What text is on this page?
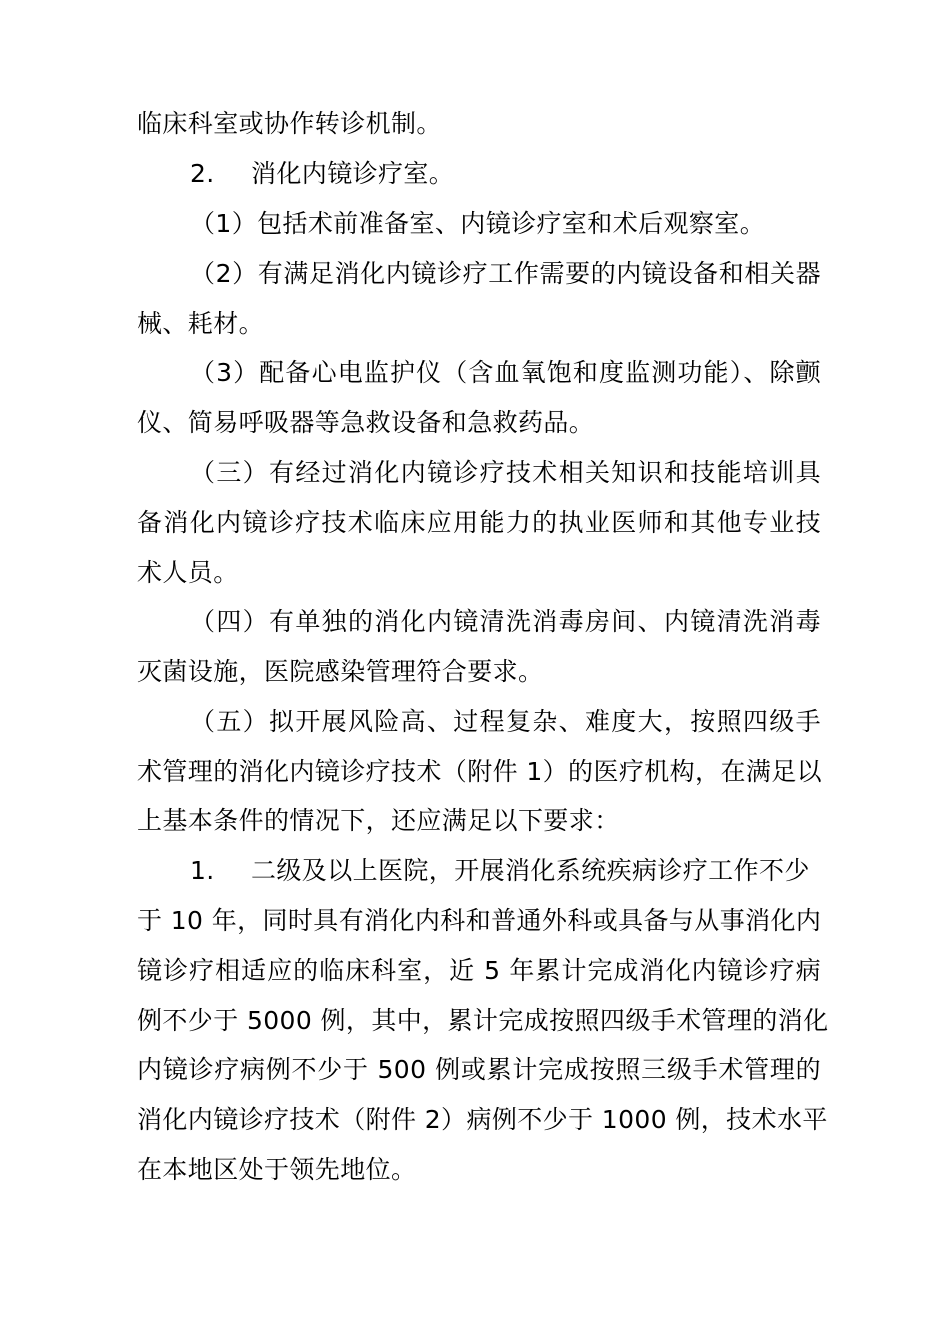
临床科室或协作转诊机制。
2. 消化内镜诊疗室。
（1）包括术前准备室、内镜诊疗室和术后观察室。
（2）有满足消化内镜诊疗工作需要的内镜设备和相关器
械、耗材。
（3）配备心电监护仪（含血氧饱和度监测功能）、除颤
仪、简易呼吸器等急救设备和急救药品。
（三）有经过消化内镜诊疗技术相关知识和技能培训具
备消化内镜诊疗技术临床应用能力的执业医师和其他专业技
术人员。
（四）有单独的消化内镜清洗消毒房间、内镜清洗消毒
灭菌设施，医院感染管理符合要求。
（五）拟开展风险高、过程复杂、难度大，按照四级手
术管理的消化内镜诊疗技术（附件 1）的医疗机构，在满足以
上基本条件的情况下，还应满足以下要求：
1. 二级及以上医院，开展消化系统疾病诊疗工作不少
于 10 年，同时具有消化内科和普通外科或具备与从事消化内
镜诊疗相适应的临床科室，近 5 年累计完成消化内镜诊疗病
例不少于 5000 例，其中，累计完成按照四级手术管理的消化
内镜诊疗病例不少于 500 例或累计完成按照三级手术管理的
消化内镜诊疗技术（附件 2）病例不少于 1000 例，技术水平
在本地区处于领先地位。
